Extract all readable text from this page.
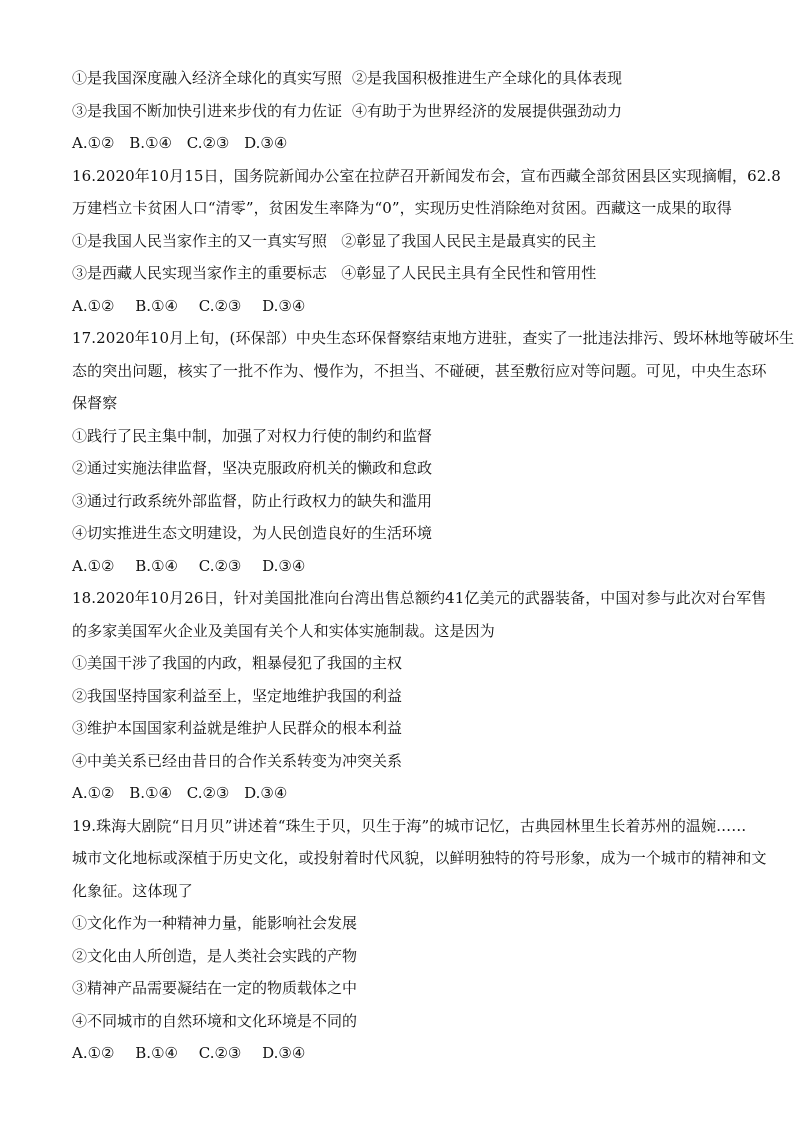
①是我国深度融入经济全球化的真实写照 ②是我国积极推进生产全球化的具体表现
③是我国不断加快引进来步伐的有力佐证 ④有助于为世界经济的发展提供强劲动力
A.①② B.①④ C.②③ D.③④
16.2020年10月15日，国务院新闻办公室在拉萨召开新闻发布会，宣布西藏全部贫困县区实现摘帽，62.8
万建档立卡贫困人口“清零”，贫困发生率降为“0”，实现历史性消除绝对贫困。西藏这一成果的取得
①是我国人民当家作主的又一真实写照   ②彰显了我国人民民主是最真实的民主
③是西藏人民实现当家作主的重要标志   ④彰显了人民民主具有全民性和管用性
A.①② B.①④ C.②③ D.③④
17.2020年10月上旬，(环保部）中央生态环保督察结束地方进驻，查实了一批违法排污、毁坏林地等破坏生
态的突出问题，核实了一批不作为、慢作为，不担当、不碰硬，甚至敷衍应对等问题。可见，中央生态环
保督察
①践行了民主集中制，加强了对权力行使的制约和监督
②通过实施法律监督，坚决克服政府机关的懒政和怠政
③通过行政系统外部监督，防止行政权力的缺失和滥用
④切实推进生态文明建设，为人民创造良好的生活环境
A.①② B.①④ C.②③ D.③④
18.2020年10月26日，针对美国批准向台湾出售总额约41亿美元的武器装备，中国对参与此次对台军售
的多家美国军火企业及美国有关个人和实体实施制裁。这是因为
①美国干涉了我国的内政，粗暴侵犯了我国的主权
②我国坚持国家利益至上，坚定地维护我国的利益
③维护本国国家利益就是维护人民群众的根本利益
④中美关系已经由昔日的合作关系转变为冲突关系
A.①② B.①④ C.②③ D.③④
19.珠海大剧院“日月贝”讲述着“珠生于贝，贝生于海”的城市记忆，古典园林里生长着苏州的温婉……
城市文化地标或深植于历史文化，或投射着时代风貌，以鲜明独特的符号形象，成为一个城市的精神和文
化象征。这体现了
①文化作为一种精神力量，能影响社会发展
②文化由人所创造，是人类社会实践的产物
③精神产品需要凝结在一定的物质载体之中
④不同城市的自然环境和文化环境是不同的
A.①② B.①④ C.②③ D.③④
